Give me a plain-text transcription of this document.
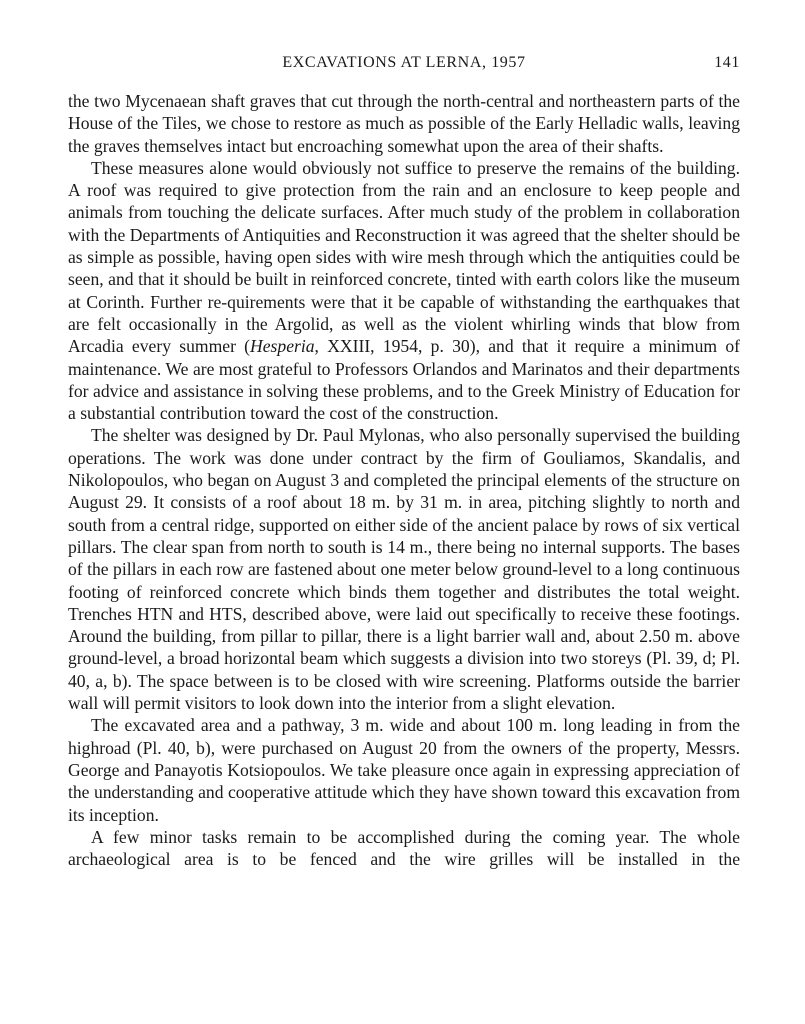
EXCAVATIONS AT LERNA, 1957	141

the two Mycenaean shaft graves that cut through the north-central and northeastern parts of the House of the Tiles, we chose to restore as much as possible of the Early Helladic walls, leaving the graves themselves intact but encroaching somewhat upon the area of their shafts.

These measures alone would obviously not suffice to preserve the remains of the building. A roof was required to give protection from the rain and an enclosure to keep people and animals from touching the delicate surfaces. After much study of the problem in collaboration with the Departments of Antiquities and Reconstruction it was agreed that the shelter should be as simple as possible, having open sides with wire mesh through which the antiquities could be seen, and that it should be built in reinforced concrete, tinted with earth colors like the museum at Corinth. Further re-quirements were that it be capable of withstanding the earthquakes that are felt occasionally in the Argolid, as well as the violent whirling winds that blow from Arcadia every summer (Hesperia, XXIII, 1954, p. 30), and that it require a minimum of maintenance. We are most grateful to Professors Orlandos and Marinatos and their departments for advice and assistance in solving these problems, and to the Greek Ministry of Education for a substantial contribution toward the cost of the construction.

The shelter was designed by Dr. Paul Mylonas, who also personally supervised the building operations. The work was done under contract by the firm of Gouliamos, Skandalis, and Nikolopoulos, who began on August 3 and completed the principal elements of the structure on August 29. It consists of a roof about 18 m. by 31 m. in area, pitching slightly to north and south from a central ridge, supported on either side of the ancient palace by rows of six vertical pillars. The clear span from north to south is 14 m., there being no internal supports. The bases of the pillars in each row are fastened about one meter below ground-level to a long continuous footing of reinforced concrete which binds them together and distributes the total weight. Trenches HTN and HTS, described above, were laid out specifically to receive these footings. Around the building, from pillar to pillar, there is a light barrier wall and, about 2.50 m. above ground-level, a broad horizontal beam which suggests a division into two storeys (Pl. 39, d; Pl. 40, a, b). The space between is to be closed with wire screening. Platforms outside the barrier wall will permit visitors to look down into the interior from a slight elevation.

The excavated area and a pathway, 3 m. wide and about 100 m. long leading in from the highroad (Pl. 40, b), were purchased on August 20 from the owners of the property, Messrs. George and Panayotis Kotsiopoulos. We take pleasure once again in expressing appreciation of the understanding and cooperative attitude which they have shown toward this excavation from its inception.

A few minor tasks remain to be accomplished during the coming year. The whole archaeological area is to be fenced and the wire grilles will be installed in the
